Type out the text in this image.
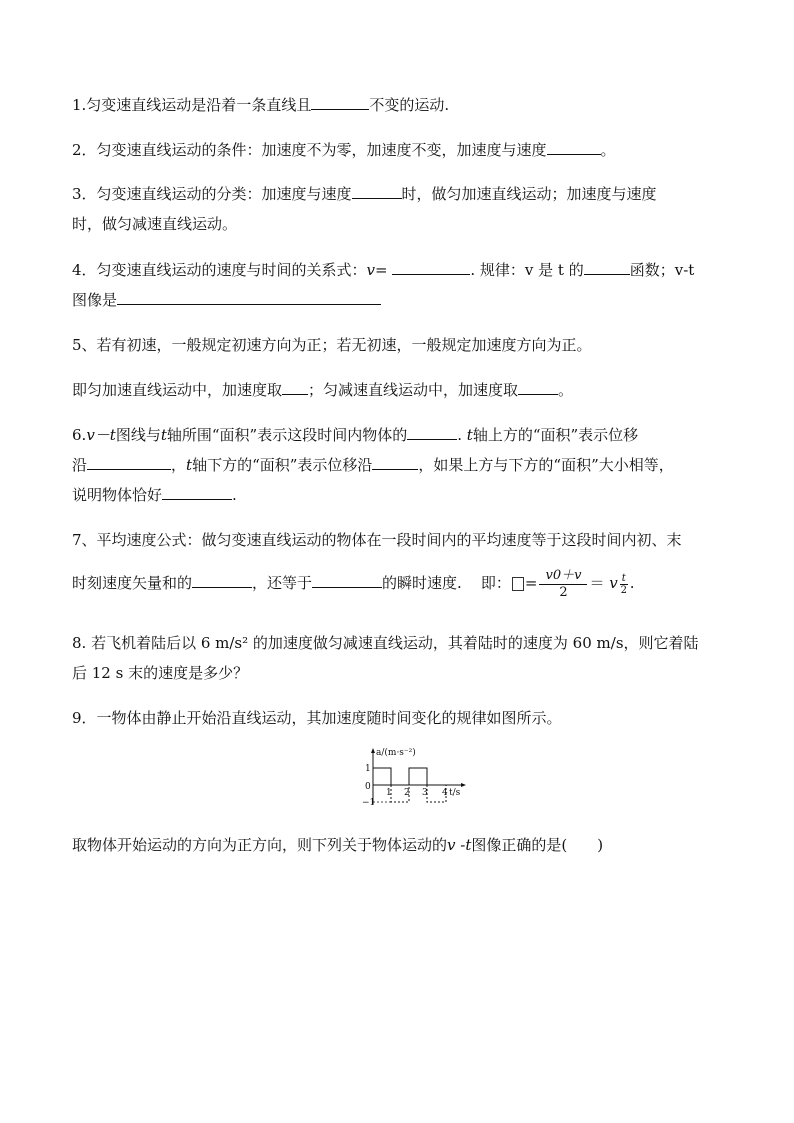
1.匀变速直线运动是沿着一条直线且	不变的运动.
2．匀变速直线运动的条件：加速度不为零，加速度不变，加速度与速度	。
3．匀变速直线运动的分类：加速度与速度	时，做匀加速直线运动；加速度与速度
时，做匀减速直线运动。
4．匀变速直线运动的速度与时间的关系式：v=	. 规律：v 是 t 的	函数；v-t
图像是
5、若有初速，一般规定初速方向为正；若无初速，一般规定加速度方向为正。
即匀加速直线运动中，加速度取 ；匀减速直线运动中，加速度取	。
6.v－t图线与t轴所围“面积”表示这段时间内物体的	. t轴上方的“面积”表示位移
沿	，t轴下方的“面积”表示位移沿	，如果上方与下方的“面积”大小相等，
说明物体恰好	.
7、平均速度公式：做匀变速直线运动的物体在一段时间内的平均速度等于这段时间内初、末
时刻速度矢量和的	，还等于	的瞬时速度. 即： = $\frac{v0+v}{2} = v \frac{t}{2}$ .
8. 若飞机着陆后以 6 m/s² 的加速度做匀减速直线运动，其着陆时的速度为 60 m/s，则它着陆
后 12 s 末的速度是多少？
9．一物体由静止开始沿直线运动，其加速度随时间变化的规律如图所示。
a/(m·s⁻²)
1
0
−1
1 2 3 4 t/s
取物体开始运动的方向为正方向，则下列关于物体运动的v -t图像正确的是(　　)
